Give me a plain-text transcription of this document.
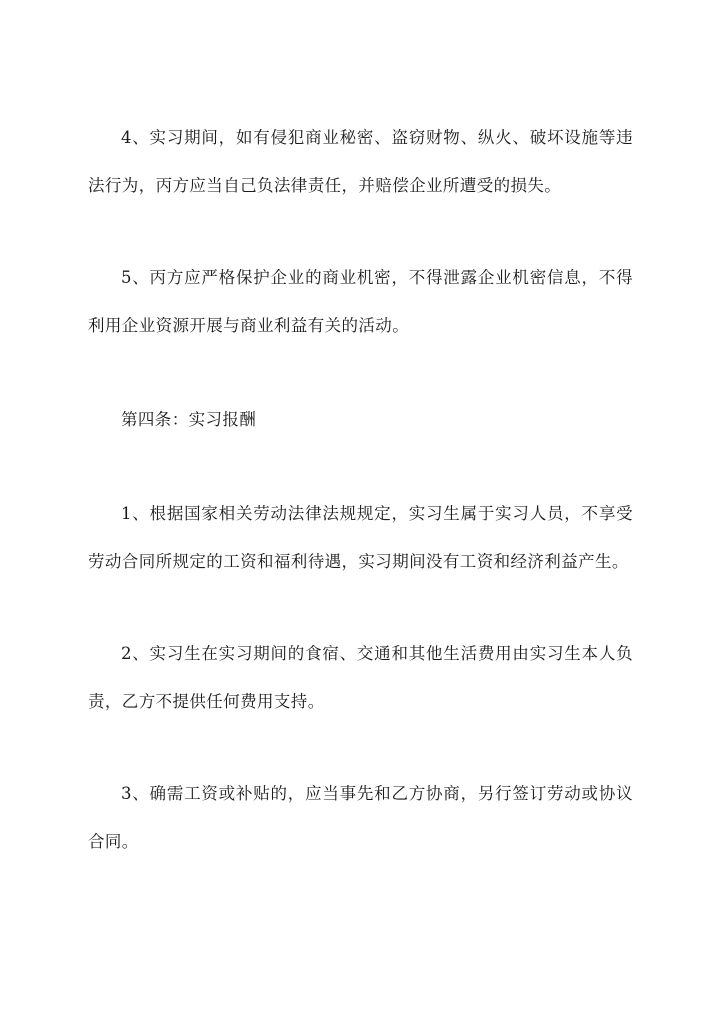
4、实习期间，如有侵犯商业秘密、盗窃财物、纵火、破坏设施等违法行为，丙方应当自己负法律责任，并赔偿企业所遭受的损失。

5、丙方应严格保护企业的商业机密，不得泄露企业机密信息，不得利用企业资源开展与商业利益有关的活动。

第四条：实习报酬

1、根据国家相关劳动法律法规规定，实习生属于实习人员，不享受劳动合同所规定的工资和福利待遇，实习期间没有工资和经济利益产生。

2、实习生在实习期间的食宿、交通和其他生活费用由实习生本人负责，乙方不提供任何费用支持。

3、确需工资或补贴的，应当事先和乙方协商，另行签订劳动或协议合同。
